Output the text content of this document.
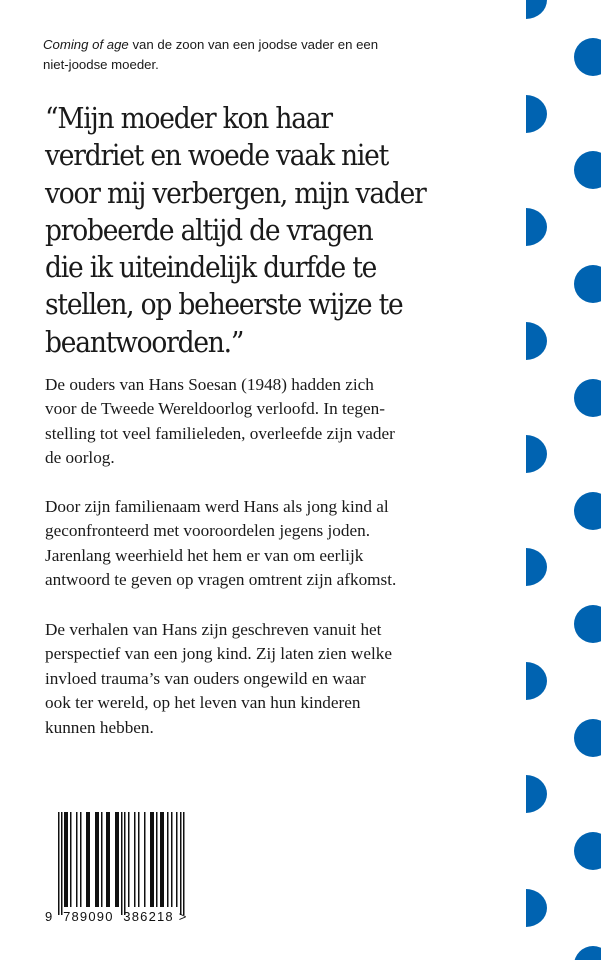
Coming of age van de zoon van een joodse vader en een
niet-joodse moeder.
“Mijn moeder kon haar
verdriet en woede vaak niet
voor mij verbergen, mijn vader
probeerde altijd de vragen
die ik uiteindelijk durfde te
stellen, op beheerste wijze te
beantwoorden.”
De ouders van Hans Soesan (1948) hadden zich
voor de Tweede Wereldoorlog verloofd. In tegen-
stelling tot veel familieleden, overleefde zijn vader
de oorlog.
Door zijn familienaam werd Hans als jong kind al
geconfronteerd met vooroordelen jegens joden.
Jarenlang weerhield het hem er van om eerlijk
antwoord te geven op vragen omtrent zijn afkomst.
De verhalen van Hans zijn geschreven vanuit het
perspectief van een jong kind. Zij laten zien welke
invloed trauma’s van ouders ongewild en waar
ook ter wereld, op het leven van hun kinderen
kunnen hebben.
9 789090 386218 >
